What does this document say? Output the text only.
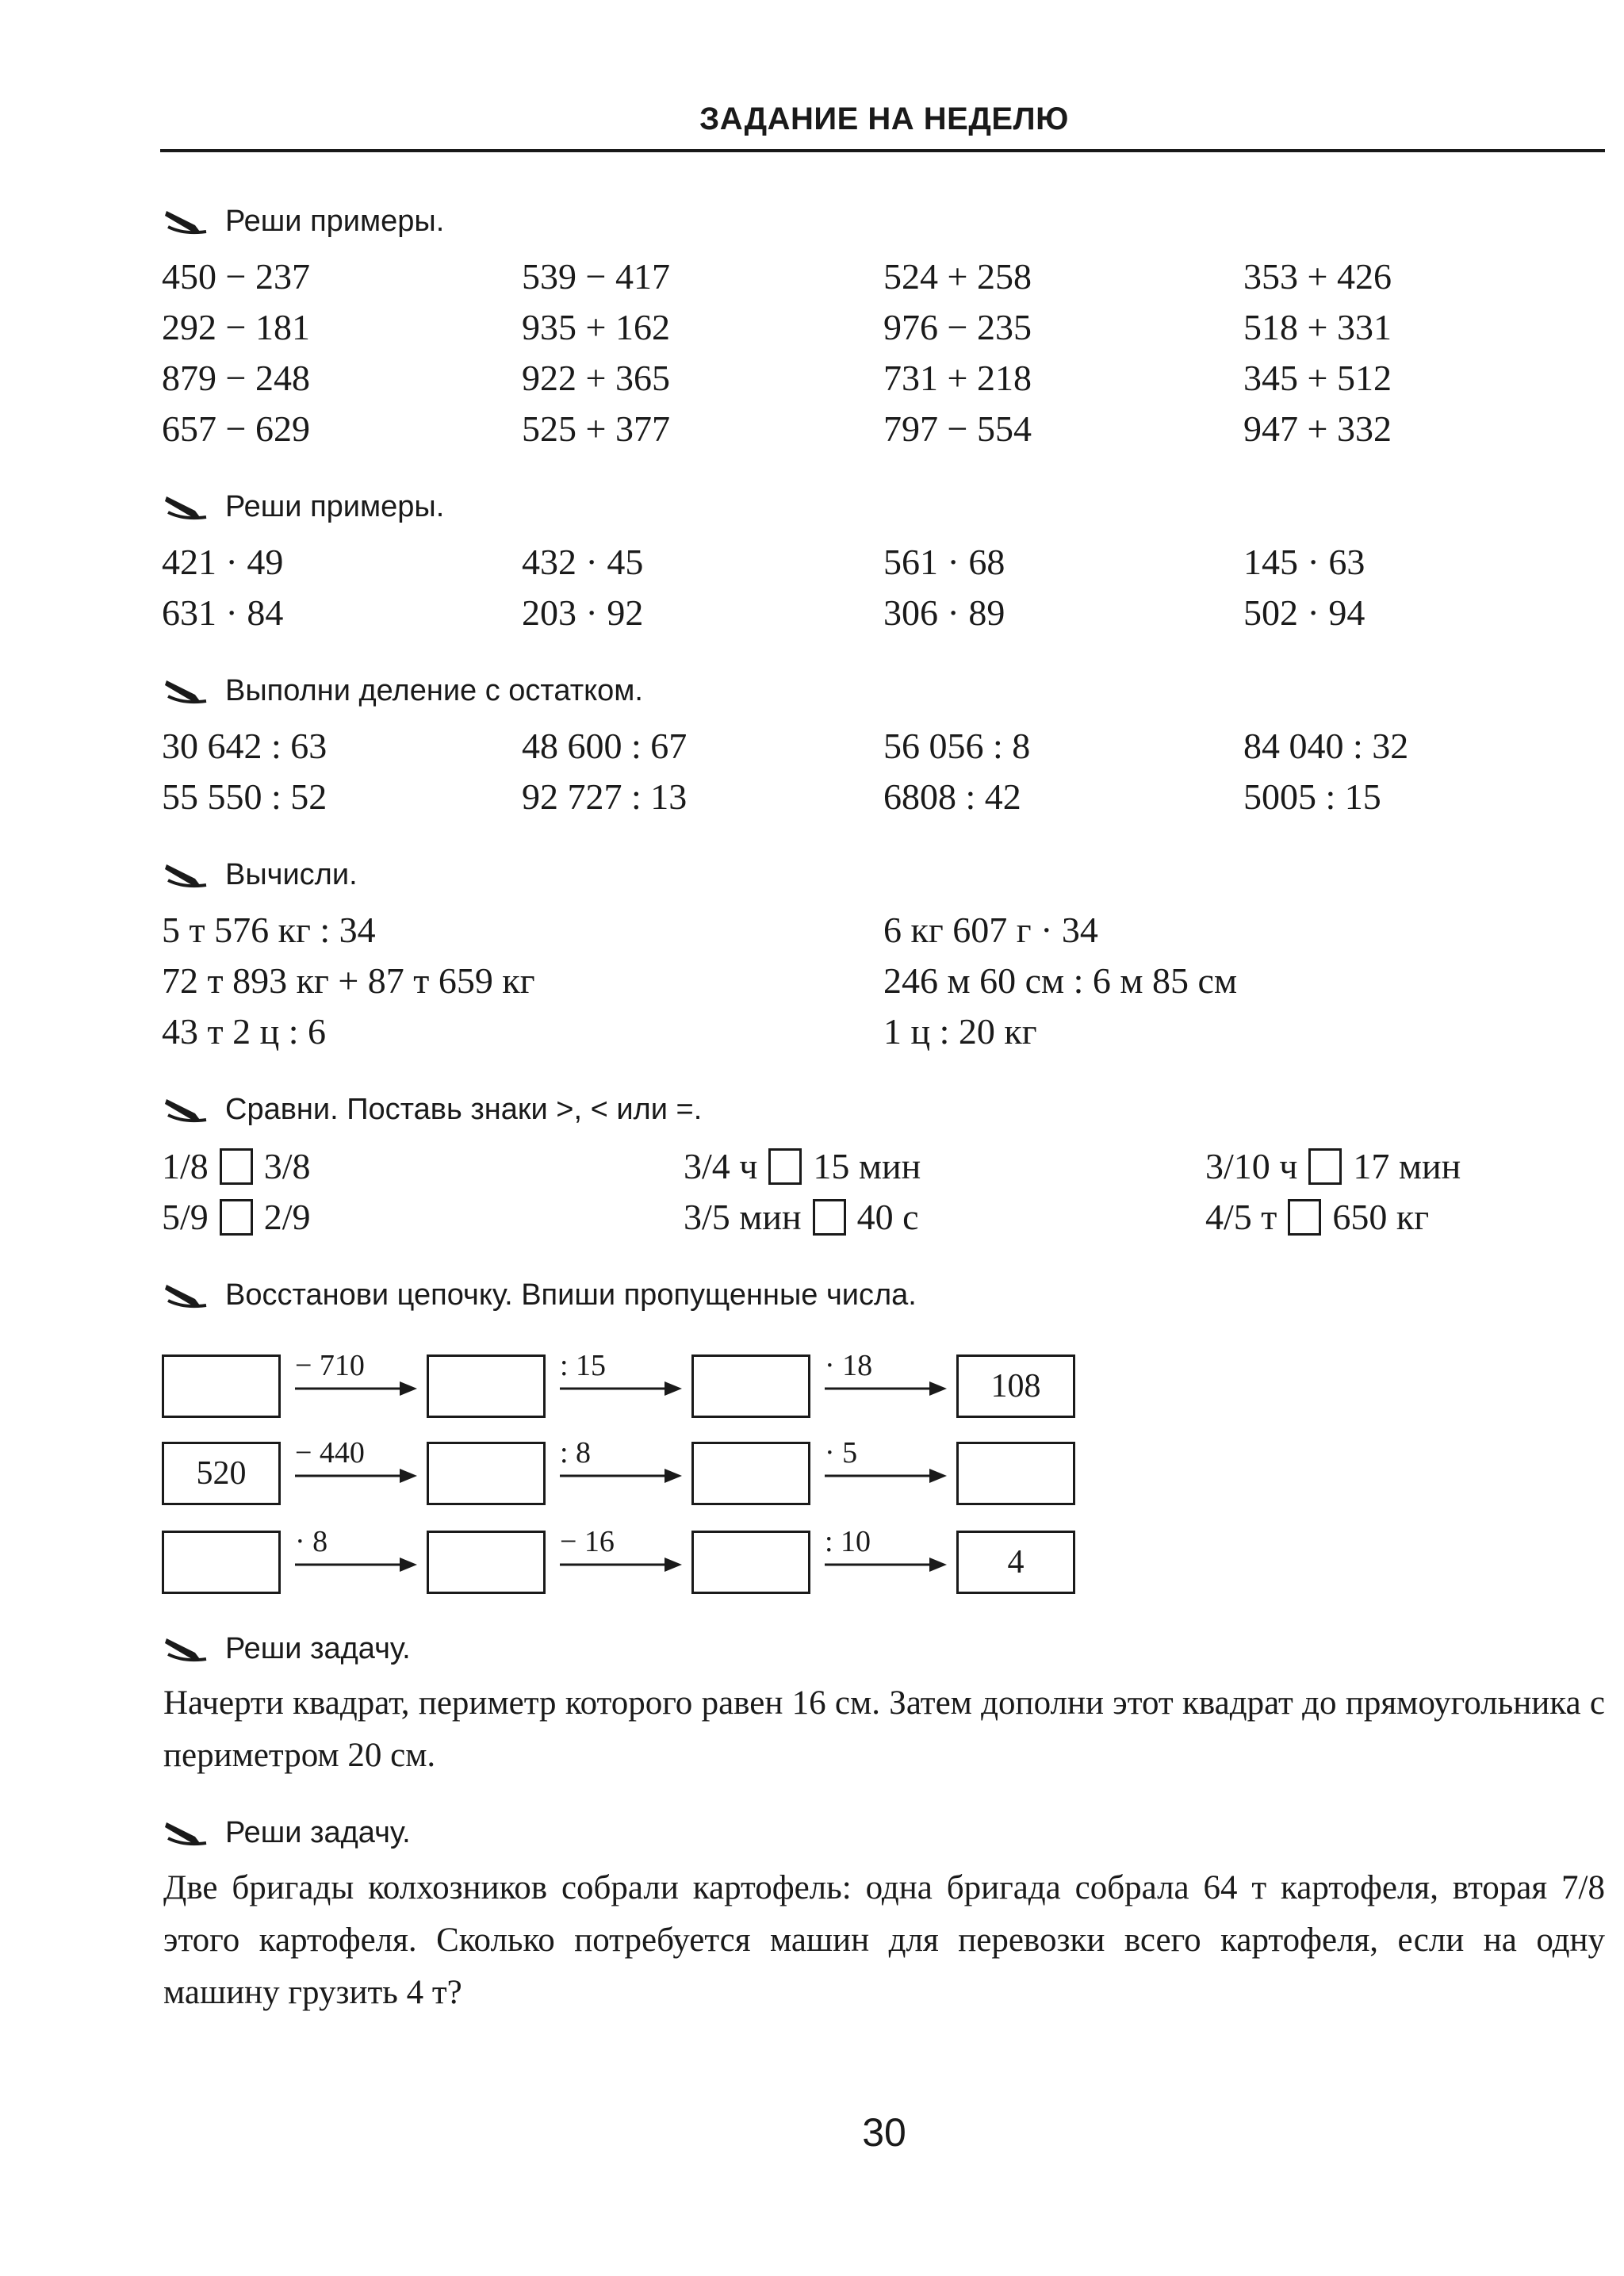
ЗАДАНИЕ НА НЕДЕЛЮ
Реши примеры.
450 − 237	539 − 417	524 + 258	353 + 426
292 − 181	935 + 162	976 − 235	518 + 331
879 − 248	922 + 365	731 + 218	345 + 512
657 − 629	525 + 377	797 − 554	947 + 332
Реши примеры.
421 · 49	432 · 45	561 · 68	145 · 63
631 · 84	203 · 92	306 · 89	502 · 94
Выполни деление с остатком.
30 642 : 63	48 600 : 67	56 056 : 8	84 040 : 32
55 550 : 52	92 727 : 13	6808 : 42	5005 : 15
Вычисли.
5 т 576 кг : 34	6 кг 607 г · 34
72 т 893 кг + 87 т 659 кг	246 м 60 см : 6 м 85 см
43 т 2 ц : 6	1 ц : 20 кг
Сравни. Поставь знаки >, < или =.
1/8 3/8	3/4 ч 15 мин	3/10 ч 17 мин
5/9 2/9	3/5 мин 40 с	4/5 т 650 кг
Восстанови цепочку. Впиши пропущенные числа.
− 710	: 15	· 18
108
520
− 440	: 8	· 5
· 8	− 16	: 10
4
Реши задачу.
Начерти квадрат, периметр которого равен 16 см. Затем дополни этот квадрат до прямоугольника с периметром 20 см.
Реши задачу.
Две бригады колхозников собрали картофель: одна бригада собрала 64 т картофеля, вторая 7/8 этого картофеля. Сколько потребуется машин для перевозки всего картофеля, если на одну машину грузить 4 т?
30
